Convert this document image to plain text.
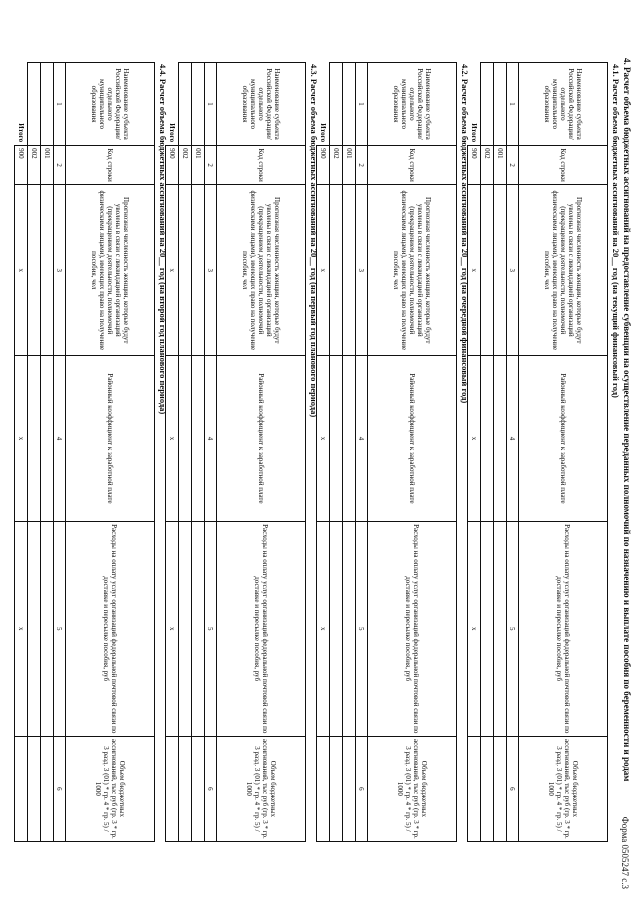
Форма 0505247 с.3
4. Расчет объема бюджетных ассигнований на предоставление субвенции на осуществление переданных полномочий по назначению и выплате пособия по беременности и родам
4.1. Расчет объема бюджетных ассигнований на 20__ год (на текущий финансовый год)
Наименование субъекта Российской Федерации/ отдельного муниципального образования	Код строки	Прогнозная численность женщин, которые будут уволены в связи с ликвидацией организаций (прекращением деятельности, полномочий физическими лицами), имеющих право на получение пособия, чел	Районный коэффициент к заработной плате	Расходы на оплату услуг организаций федеральной почтовой связи по доставке и пересылке пособия, руб	Объем бюджетных ассигнований, тыс руб (гр. 3 * гр. 3 разд. 3 (01) * гр. 4 * гр. 5) / 1000
1	2	3	4	5	6
	001				
	002				
Итого	900	x	x	x	
4.2. Расчет объема бюджетных ассигнований на 20__ год (на очередной финансовый год)
Наименование субъекта Российской Федерации/ отдельного муниципального образования	Код строки	Прогнозная численность женщин, которые будут уволены в связи с ликвидацией организаций (прекращением деятельности, полномочий физическими лицами), имеющих право на получение пособия, чел	Районный коэффициент к заработной плате	Расходы на оплату услуг организаций федеральной почтовой связи по доставке и пересылке пособия, руб	Объем бюджетных ассигнований, тыс руб (гр. 3 * гр. 3 разд. 3 (01) * гр. 4 * гр. 5) / 1000
1	2	3	4	5	6
	001				
	002				
Итого	900	x	x	x	
4.3. Расчет объема бюджетных ассигнований на 20__ год (на первый год планового периода)
Наименование субъекта Российской Федерации/ отдельного муниципального образования	Код строки	Прогнозная численность женщин, которые будут уволены в связи с ликвидацией организаций (прекращением деятельности, полномочий физическими лицами), имеющих право на получение пособия, чел	Районный коэффициент к заработной плате	Расходы на оплату услуг организаций федеральной почтовой связи по доставке и пересылке пособия, руб	Объем бюджетных ассигнований, тыс руб (гр. 3 * гр. 3 разд. 3 (01) * гр. 4 * гр. 5) / 1000
1	2	3	4	5	6
	001				
	002				
Итого	900	x	x	x	
4.4. Расчет объема бюджетных ассигнований на 20__ год (на второй год планового периода)
Наименование субъекта Российской Федерации/ отдельного муниципального образования	Код строки	Прогнозная численность женщин, которые будут уволены в связи с ликвидацией организаций (прекращением деятельности, полномочий физическими лицами), имеющих право на получение пособия, чел	Районный коэффициент к заработной плате	Расходы на оплату услуг организаций федеральной почтовой связи по доставке и пересылке пособия, руб	Объем бюджетных ассигнований, тыс руб (гр. 3 * гр. 3 разд. 3 (01) * гр. 4 * гр. 5) / 1000
1	2	3	4	5	6
	001				
	002				
Итого	900	x	x	x	
